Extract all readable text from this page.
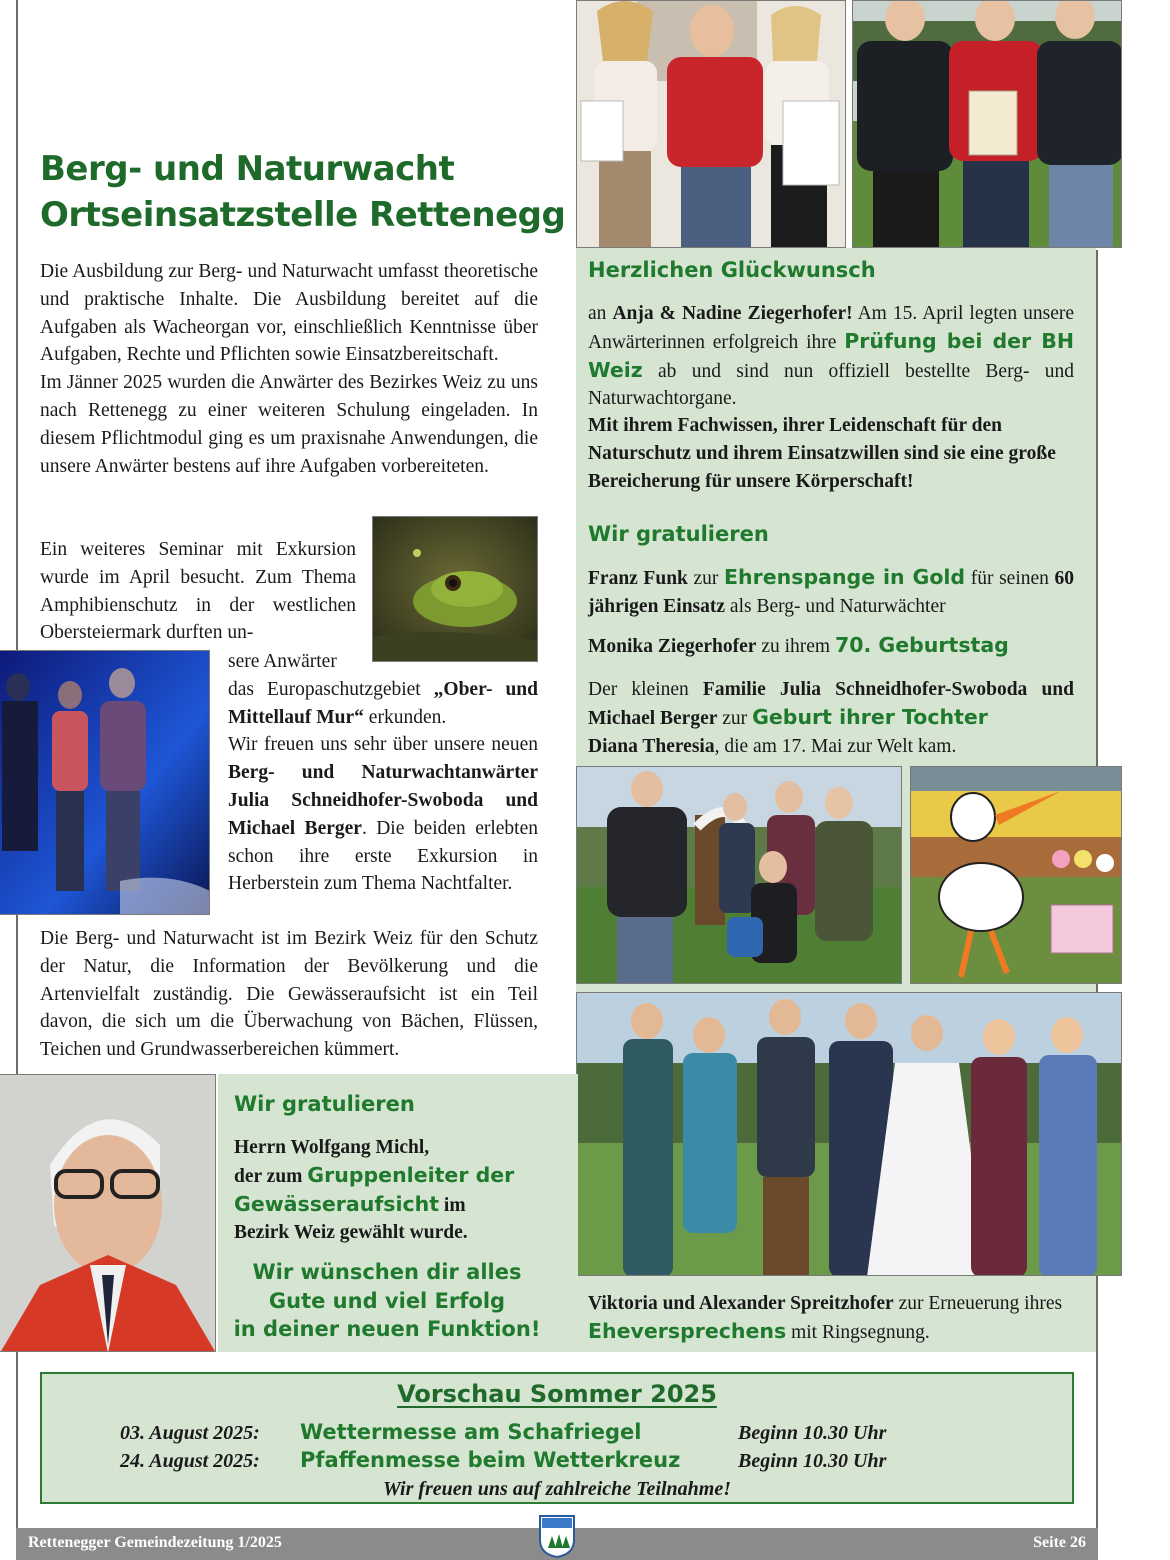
Berg- und Naturwacht
Ortseinsatzstelle Rettenegg

Die Ausbildung zur Berg- und Naturwacht umfasst theoretische und praktische Inhalte. Die Ausbildung bereitet auf die Aufgaben als Wacheorgan vor, einschließlich Kenntnisse über Aufgaben, Rechte und Pflichten sowie Einsatzbereitschaft.

Im Jänner 2025 wurden die Anwärter des Bezirkes Weiz zu uns nach Rettenegg zu einer weiteren Schulung eingeladen. In diesem Pflichtmodul ging es um praxisnahe Anwendungen, die unsere Anwärter bestens auf ihre Aufgaben vorbereiteten.

Ein weiteres Seminar mit Exkursion wurde im April besucht. Zum Thema Amphibienschutz in der westlichen Obersteiermark durften un-

sere Anwärter

das Europaschutzgebiet „Ober- und Mittellauf Mur“ erkunden.

Wir freuen uns sehr über unsere neuen Berg- und Naturwachtanwärter Julia Schneidhofer-Swoboda und Michael Berger. Die beiden erlebten schon ihre erste Exkursion in Herberstein zum Thema Nachtfalter.

Die Berg- und Naturwacht ist im Bezirk Weiz für den Schutz der Natur, die Information der Bevölkerung und die Artenvielfalt zuständig. Die Gewässeraufsicht ist ein Teil davon, die sich um die Überwachung von Bächen, Flüssen, Teichen und Grundwasserbereichen kümmert.

Herzlichen Glückwunsch
an Anja & Nadine Ziegerhofer! Am 15. April legten unsere Anwärterinnen erfolgreich ihre Prüfung bei der BH Weiz ab und sind nun offiziell bestellte Berg- und Naturwachtorgane.
Mit ihrem Fachwissen, ihrer Leidenschaft für den Naturschutz und ihrem Einsatzwillen sind sie eine große Bereicherung für unsere Körperschaft!
Wir gratulieren
Franz Funk zur Ehrenspange in Gold für seinen 60 jährigen Einsatz als Berg- und Naturwächter
Monika Ziegerhofer zu ihrem 70. Geburtstag
Der kleinen Familie Julia Schneidhofer-Swoboda und Michael Berger zur Geburt ihrer Tochter
Diana Theresia, die am 17. Mai zur Welt kam.
Viktoria und Alexander Spreitzhofer zur Erneuerung ihres Eheversprechens mit Ringsegnung.
Wir gratulieren
Herrn Wolfgang Michl,
der zum Gruppenleiter der Gewässeraufsicht im
Bezirk Weiz gewählt wurde.
Wir wünschen dir alles
Gute und viel Erfolg
in deiner neuen Funktion!
Vorschau Sommer 2025
03. August 2025: Wettermesse am Schafriegel	Beginn 10.30 Uhr
24. August 2025: Pfaffenmesse beim Wetterkreuz	Beginn 10.30 Uhr
Wir freuen uns auf zahlreiche Teilnahme!
Rettenegger Gemeindezeitung 1/2025	Seite 26
